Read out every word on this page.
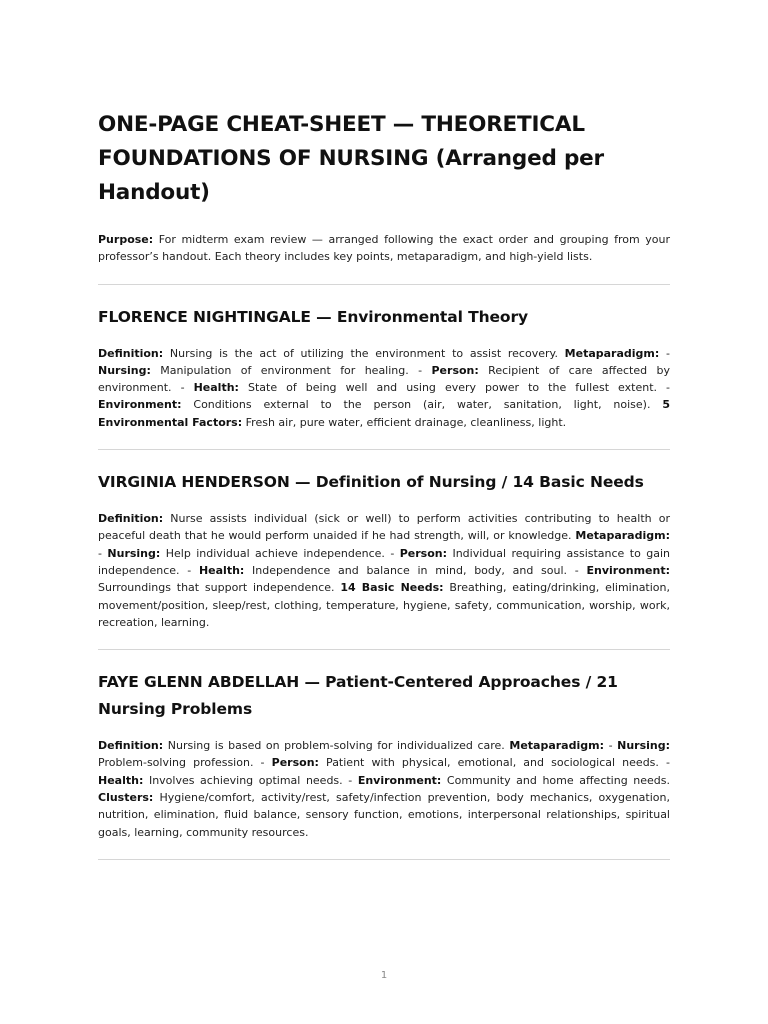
ONE-PAGE CHEAT-SHEET — THEORETICAL FOUNDATIONS OF NURSING (Arranged per Handout)

Purpose: For midterm exam review — arranged following the exact order and grouping from your professor’s handout. Each theory includes key points, metaparadigm, and high-yield lists.

FLORENCE NIGHTINGALE — Environmental Theory

Definition: Nursing is the act of utilizing the environment to assist recovery. Metaparadigm: - Nursing: Manipulation of environment for healing. - Person: Recipient of care affected by environment. - Health: State of being well and using every power to the fullest extent. - Environment: Conditions external to the person (air, water, sanitation, light, noise). 5 Environmental Factors: Fresh air, pure water, efficient drainage, cleanliness, light.

VIRGINIA HENDERSON — Definition of Nursing / 14 Basic Needs

Definition: Nurse assists individual (sick or well) to perform activities contributing to health or peaceful death that he would perform unaided if he had strength, will, or knowledge. Metaparadigm: - Nursing: Help individual achieve independence. - Person: Individual requiring assistance to gain independence. - Health: Independence and balance in mind, body, and soul. - Environment: Surroundings that support independence. 14 Basic Needs: Breathing, eating/drinking, elimination, movement/position, sleep/rest, clothing, temperature, hygiene, safety, communication, worship, work, recreation, learning.

FAYE GLENN ABDELLAH — Patient-Centered Approaches / 21 Nursing Problems

Definition: Nursing is based on problem-solving for individualized care. Metaparadigm: - Nursing: Problem-solving profession. - Person: Patient with physical, emotional, and sociological needs. - Health: Involves achieving optimal needs. - Environment: Community and home affecting needs. Clusters: Hygiene/comfort, activity/rest, safety/infection prevention, body mechanics, oxygenation, nutrition, elimination, fluid balance, sensory function, emotions, interpersonal relationships, spiritual goals, learning, community resources.

1
